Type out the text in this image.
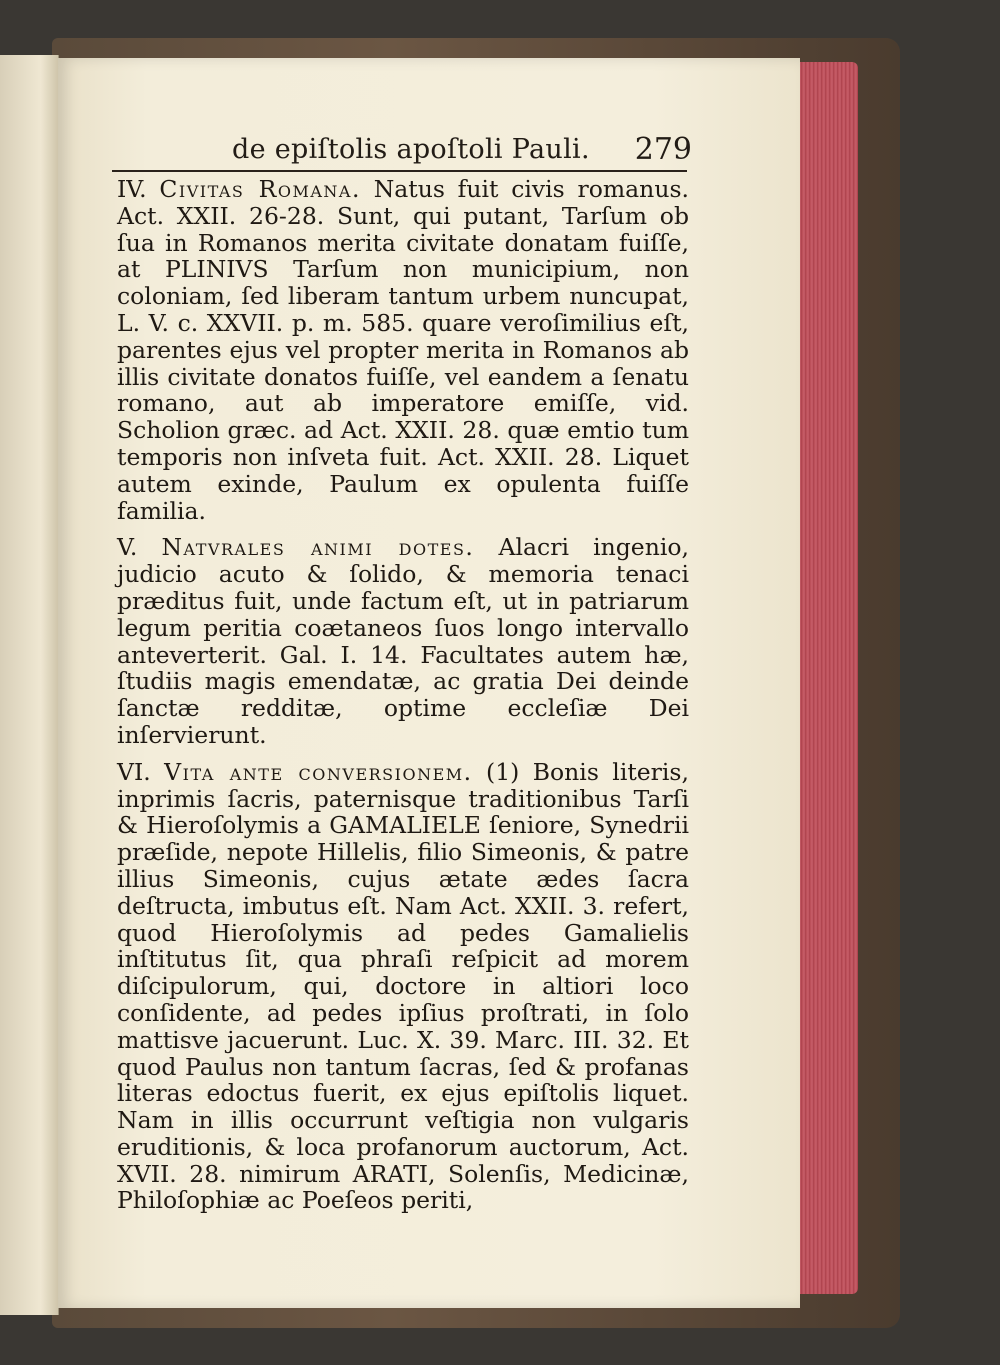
de epiſtolis apoſtoli Pauli. 279

IV. Civitas Romana. Natus fuit civis romanus. Act. XXII. 26-28. Sunt, qui putant, Tarſum ob ſua in Romanos merita civitate donatam fuiſſe, at PLINIVS Tarſum non municipium, non coloniam, ſed liberam tantum urbem nuncupat, L. V. c. XXVII. p. m. 585. quare veroſimilius eſt, parentes ejus vel propter merita in Romanos ab illis civitate donatos fuiſſe, vel eandem a ſenatu romano, aut ab imperatore emiſſe, vid. Scholion græc. ad Act. XXII. 28. quæ emtio tum temporis non inſveta fuit. Act. XXII. 28. Liquet autem exinde, Paulum ex opulenta fuiſſe familia.

V. Natvrales animi dotes. Alacri ingenio, judicio acuto & ſolido, & memoria tenaci præditus fuit, unde factum eſt, ut in patriarum legum peritia coætaneos ſuos longo intervallo anteverterit. Gal. I. 14. Facultates autem hæ, ſtudiis magis emendatæ, ac gratia Dei deinde ſanctæ redditæ, optime eccleſiæ Dei inſervierunt.

VI. Vita ante conversionem. (1) Bonis literis, inprimis ſacris, paternisque traditionibus Tarſi & Hieroſolymis a GAMALIELE ſeniore, Synedrii præſide, nepote Hillelis, filio Simeonis, & patre illius Simeonis, cujus ætate ædes ſacra deſtructa, imbutus eſt. Nam Act. XXII. 3. refert, quod Hieroſolymis ad pedes Gamalielis inſtitutus ſit, qua phraſi reſpicit ad morem diſcipulorum, qui, doctore in altiori loco conſidente, ad pedes ipſius proſtrati, in ſolo mattisve jacuerunt. Luc. X. 39. Marc. III. 32. Et quod Paulus non tantum ſacras, ſed & profanas literas edoctus fuerit, ex ejus epiſtolis liquet. Nam in illis occurrunt veſtigia non vulgaris eruditionis, & loca profanorum auctorum, Act. XVII. 28. nimirum ARATI, Solenſis, Medicinæ, Philoſophiæ ac Poeſeos periti,
